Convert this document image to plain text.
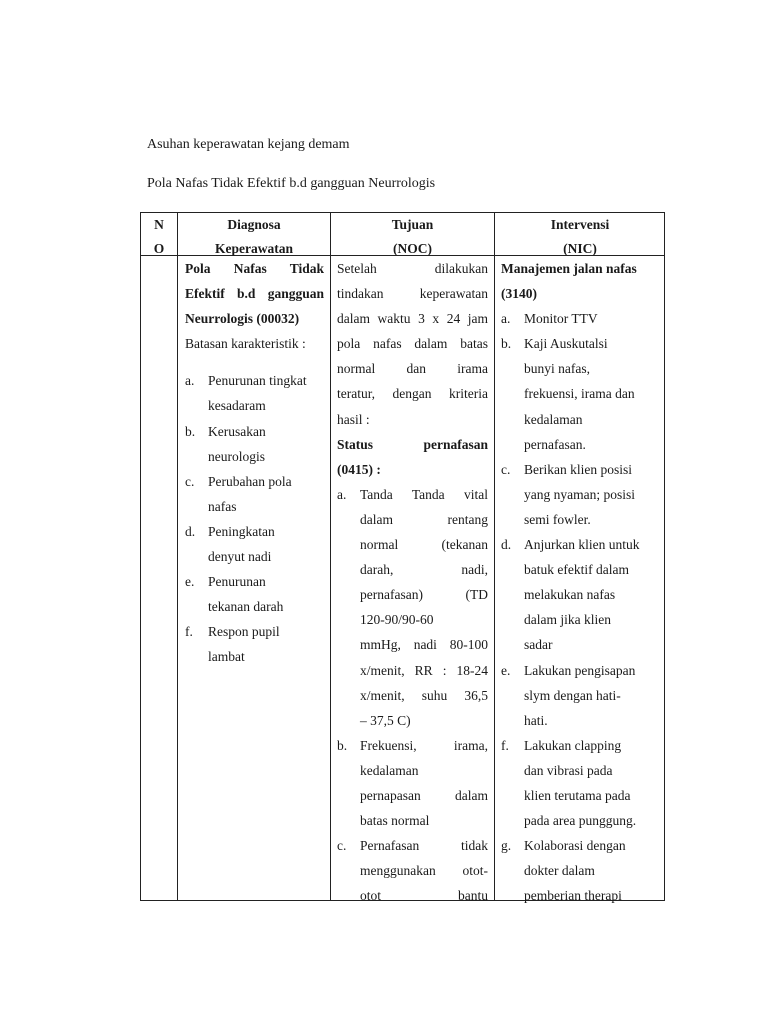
Asuhan keperawatan kejang demam
Pola Nafas Tidak Efektif b.d gangguan Neurrologis
N
O
Diagnosa
Keperawatan
Tujuan
(NOC)
Intervensi
(NIC)
Pola Nafas Tidak
Efektif b.d gangguan
Neurrologis (00032)
Batasan karakteristik :
a. Penurunan tingkat
kesadaram
b. Kerusakan
neurologis
c. Perubahan pola
nafas
d. Peningkatan
denyut nadi
e. Penurunan
tekanan darah
f. Respon pupil
lambat
Setelah dilakukan
tindakan keperawatan
dalam waktu 3 x 24 jam
pola nafas dalam batas
normal dan irama
teratur, dengan kriteria
hasil :
Status pernafasan
(0415) :
a. Tanda Tanda vital
dalam rentang
normal (tekanan
darah, nadi,
pernafasan) (TD
120-90/90-60
mmHg, nadi 80-100
x/menit, RR : 18-24
x/menit, suhu 36,5
– 37,5 C)
b. Frekuensi, irama,
kedalaman
pernapasan dalam
batas normal
c. Pernafasan tidak
menggunakan otot-
otot bantu
Manajemen jalan nafas
(3140)
a. Monitor TTV
b. Kaji Auskutalsi
bunyi nafas,
frekuensi, irama dan
kedalaman
pernafasan.
c. Berikan klien posisi
yang nyaman; posisi
semi fowler.
d. Anjurkan klien untuk
batuk efektif dalam
melakukan nafas
dalam jika klien
sadar
e. Lakukan pengisapan
slym dengan hati-
hati.
f. Lakukan clapping
dan vibrasi pada
klien terutama pada
pada area punggung.
g. Kolaborasi dengan
dokter dalam
pemberian therapi
